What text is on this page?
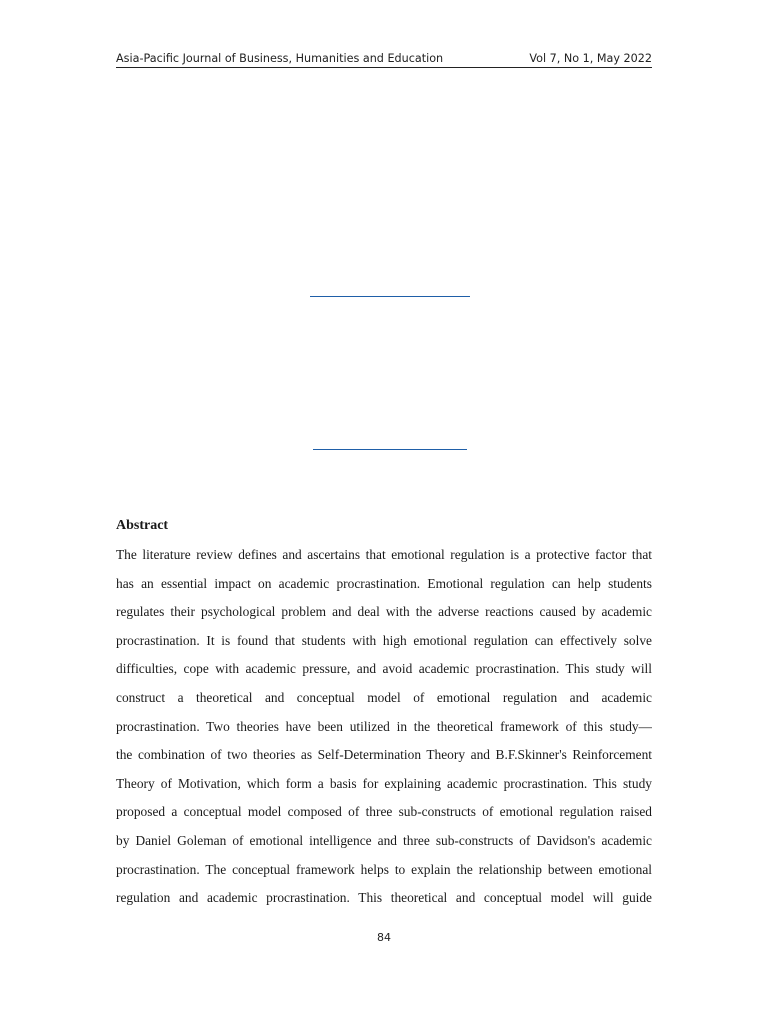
Asia-Pacific Journal of Business, Humanities and Education	Vol 7, No 1, May 2022
Abstract
The literature review defines and ascertains that emotional regulation is a protective factor that
has an essential impact on academic procrastination. Emotional regulation can help students
regulates their psychological problem and deal with the adverse reactions caused by academic
procrastination. It is found that students with high emotional regulation can effectively solve
difficulties, cope with academic pressure, and avoid academic procrastination. This study will
construct a theoretical and conceptual model of emotional regulation and academic
procrastination. Two theories have been utilized in the theoretical framework of this study—
the combination of two theories as Self-Determination Theory and B.F.Skinner's Reinforcement
Theory of Motivation, which form a basis for explaining academic procrastination. This study
proposed a conceptual model composed of three sub-constructs of emotional regulation raised
by Daniel Goleman of emotional intelligence and three sub-constructs of Davidson's academic
procrastination. The conceptual framework helps to explain the relationship between emotional
regulation and academic procrastination. This theoretical and conceptual model will guide
84
